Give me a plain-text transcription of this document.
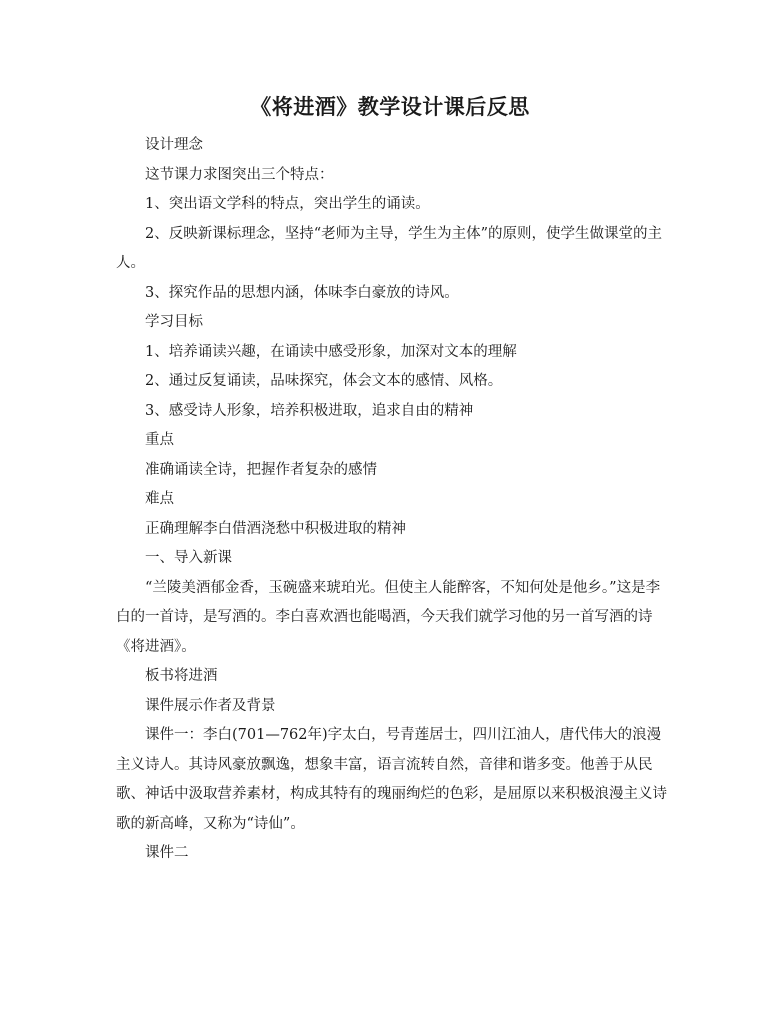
《将进酒》教学设计课后反思

设计理念

这节课力求图突出三个特点：

1、突出语文学科的特点，突出学生的诵读。

2、反映新课标理念，坚持“老师为主导，学生为主体”的原则，使学生做课堂的主人。

3、探究作品的思想内涵，体味李白豪放的诗风。

学习目标

1、培养诵读兴趣，在诵读中感受形象，加深对文本的理解

2、通过反复诵读，品味探究，体会文本的感情、风格。

3、感受诗人形象，培养积极进取，追求自由的精神

重点

准确诵读全诗，把握作者复杂的感情

难点

正确理解李白借酒浇愁中积极进取的精神

一、导入新课

“兰陵美酒郁金香，玉碗盛来琥珀光。但使主人能醉客，不知何处是他乡。”这是李白的一首诗，是写酒的。李白喜欢酒也能喝酒，今天我们就学习他的另一首写酒的诗《将进酒》。

板书将进酒

课件展示作者及背景

课件一：李白(701—762年)字太白，号青莲居士，四川江油人，唐代伟大的浪漫主义诗人。其诗风豪放飘逸，想象丰富，语言流转自然，音律和谐多变。他善于从民歌、神话中汲取营养素材，构成其特有的瑰丽绚烂的色彩，是屈原以来积极浪漫主义诗歌的新高峰，又称为“诗仙”。

课件二
